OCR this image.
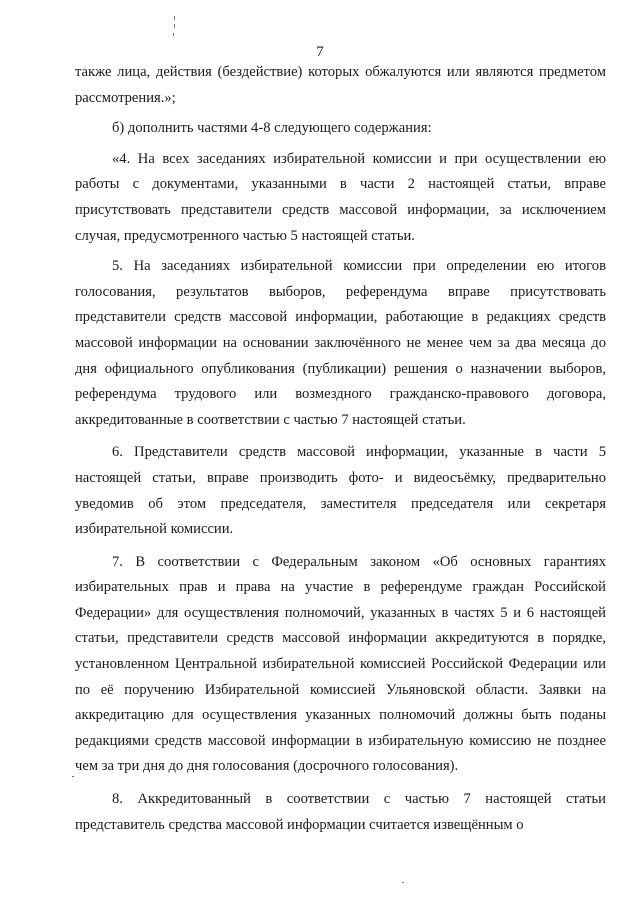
7

также лица, действия (бездействие) которых обжалуются или являются предметом рассмотрения.»;

б) дополнить частями 4-8 следующего содержания:

«4. На всех заседаниях избирательной комиссии и при осуществлении ею работы с документами, указанными в части 2 настоящей статьи, вправе присутствовать представители средств массовой информации, за исключением случая, предусмотренного частью 5 настоящей статьи.

5. На заседаниях избирательной комиссии при определении ею итогов голосования, результатов выборов, референдума вправе присутствовать представители средств массовой информации, работающие в редакциях средств массовой информации на основании заключённого не менее чем за два месяца до дня официального опубликования (публикации) решения о назначении выборов, референдума трудового или возмездного гражданско-правового договора, аккредитованные в соответствии с частью 7 настоящей статьи.

6. Представители средств массовой информации, указанные в части 5 настоящей статьи, вправе производить фото- и видеосъёмку, предварительно уведомив об этом председателя, заместителя председателя или секретаря избирательной комиссии.

7. В соответствии с Федеральным законом «Об основных гарантиях избирательных прав и права на участие в референдуме граждан Российской Федерации» для осуществления полномочий, указанных в частях 5 и 6 настоящей статьи, представители средств массовой информации аккредитуются в порядке, установленном Центральной избирательной комиссией Российской Федерации или по её поручению Избирательной комиссией Ульяновской области. Заявки на аккредитацию для осуществления указанных полномочий должны быть поданы редакциями средств массовой информации в избирательную комиссию не позднее чем за три дня до дня голосования (досрочного голосования).

8. Аккредитованный в соответствии с частью 7 настоящей статьи представитель средства массовой информации считается извещённым о
